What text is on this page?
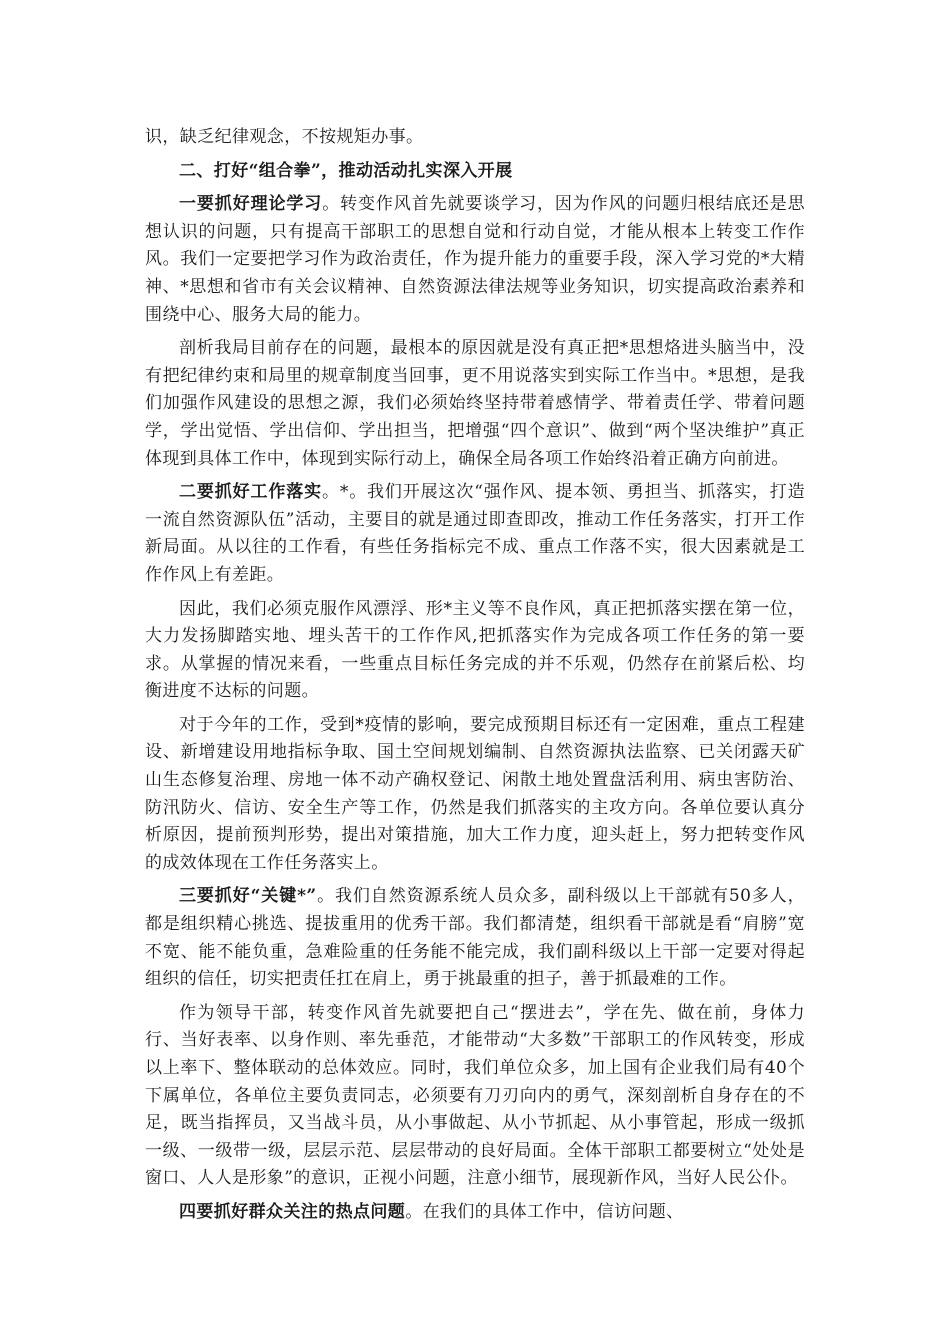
识，缺乏纪律观念，不按规矩办事。

二、打好“组合拳”，推动活动扎实深入开展

一要抓好理论学习。转变作风首先就要谈学习，因为作风的问题归根结底还是思想认识的问题，只有提高干部职工的思想自觉和行动自觉，才能从根本上转变工作作风。我们一定要把学习作为政治责任，作为提升能力的重要手段，深入学习党的*大精神、*思想和省市有关会议精神、自然资源法律法规等业务知识，切实提高政治素养和围绕中心、服务大局的能力。

剖析我局目前存在的问题，最根本的原因就是没有真正把*思想烙进头脑当中，没有把纪律约束和局里的规章制度当回事，更不用说落实到实际工作当中。*思想，是我们加强作风建设的思想之源，我们必须始终坚持带着感情学、带着责任学、带着问题学，学出觉悟、学出信仰、学出担当，把增强“四个意识”、做到“两个坚决维护”真正体现到具体工作中，体现到实际行动上，确保全局各项工作始终沿着正确方向前进。

二要抓好工作落实。*。我们开展这次“强作风、提本领、勇担当、抓落实，打造一流自然资源队伍”活动，主要目的就是通过即查即改，推动工作任务落实，打开工作新局面。从以往的工作看，有些任务指标完不成、重点工作落不实，很大因素就是工作作风上有差距。

因此，我们必须克服作风漂浮、形*主义等不良作风，真正把抓落实摆在第一位，大力发扬脚踏实地、埋头苦干的工作作风,把抓落实作为完成各项工作任务的第一要求。从掌握的情况来看，一些重点目标任务完成的并不乐观，仍然存在前紧后松、均衡进度不达标的问题。

对于今年的工作，受到*疫情的影响，要完成预期目标还有一定困难，重点工程建设、新增建设用地指标争取、国土空间规划编制、自然资源执法监察、已关闭露天矿山生态修复治理、房地一体不动产确权登记、闲散土地处置盘活利用、病虫害防治、防汛防火、信访、安全生产等工作，仍然是我们抓落实的主攻方向。各单位要认真分析原因，提前预判形势，提出对策措施，加大工作力度，迎头赶上，努力把转变作风的成效体现在工作任务落实上。

三要抓好“关键*”。我们自然资源系统人员众多，副科级以上干部就有50多人，都是组织精心挑选、提拔重用的优秀干部。我们都清楚，组织看干部就是看“肩膀”宽不宽、能不能负重，急难险重的任务能不能完成，我们副科级以上干部一定要对得起组织的信任，切实把责任扛在肩上，勇于挑最重的担子，善于抓最难的工作。

作为领导干部，转变作风首先就要把自己“摆进去”，学在先、做在前，身体力行、当好表率、以身作则、率先垂范，才能带动“大多数”干部职工的作风转变，形成以上率下、整体联动的总体效应。同时，我们单位众多，加上国有企业我们局有40个下属单位，各单位主要负责同志，必须要有刀刃向内的勇气，深刻剖析自身存在的不足，既当指挥员，又当战斗员，从小事做起、从小节抓起、从小事管起，形成一级抓一级、一级带一级，层层示范、层层带动的良好局面。全体干部职工都要树立“处处是窗口、人人是形象”的意识，正视小问题，注意小细节，展现新作风，当好人民公仆。

四要抓好群众关注的热点问题。在我们的具体工作中，信访问题、
